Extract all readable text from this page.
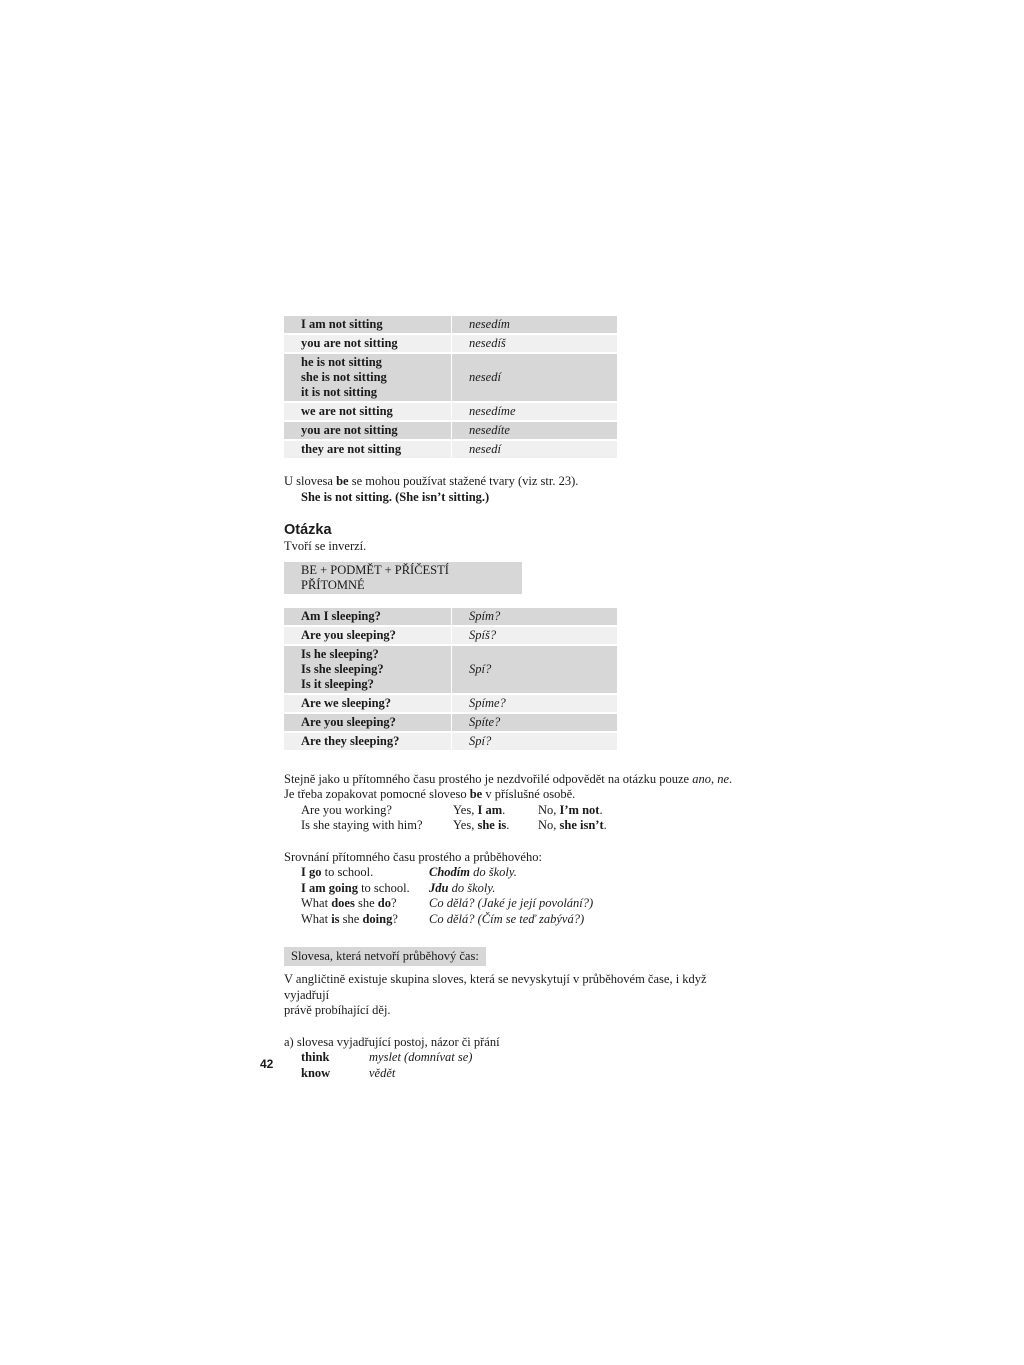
I am not sitting	nesedím

you are not sitting	nesedíš

he is not sitting
she is not sitting
it is not sitting	nesedí

we are not sitting	nesedíme

you are not sitting	nesedíte

they are not sitting	nesedí

U slovesa be se mohou používat stažené tvary (viz str. 23).

She is not sitting. (She isn’t sitting.)

Otázka

Tvoří se inverzí.

BE + PODMĚT + PŘÍČESTÍ PŘÍTOMNÉ
Am I sleeping?	Spím?

Are you sleeping?	Spíš?

Is he sleeping?
Is she sleeping?
Is it sleeping?	Spí?

Are we sleeping?	Spíme?

Are you sleeping?	Spíte?

Are they sleeping?	Spí?

Stejně jako u přítomného času prostého je nezdvořilé odpovědět na otázku pouze ano, ne.

Je třeba zopakovat pomocné sloveso be v příslušné osobě.

Are you working?	Yes, I am.	No, I’m not.
Is she staying with him?	Yes, she is.	No, she isn’t.

Srovnání přítomného času prostého a průběhového:

I go to school.	Chodím do školy.
I am going to school.	Jdu do školy.
What does she do?	Co dělá? (Jaké je její povolání?)
What is she doing?	Co dělá? (Čím se teď zabývá?)
Slovesa, která netvoří průběhový čas:

V angličtině existuje skupina sloves, která se nevyskytují v průběhovém čase, i když vyjadřují

právě probíhající děj.

a) slovesa vyjadřující postoj, názor či přání

think	myslet (domnívat se)
know	vědět
42
